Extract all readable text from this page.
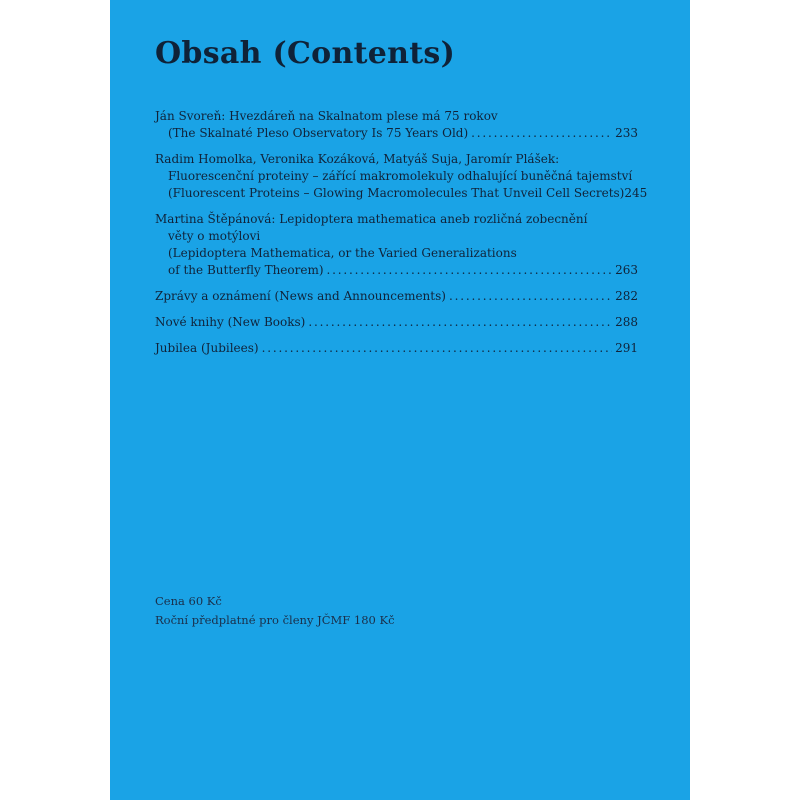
Obsah (Contents)
Ján Svoreň: Hvezdáreň na Skalnatom plese má 75 rokov
(The Skalnaté Pleso Observatory Is 75 Years Old) . . .	233
Radim Homolka, Veronika Kozáková, Matyáš Suja, Jaromír Plášek:
Fluorescenční proteiny – zářící makromolekuly odhalující buněčná tajemství
(Fluorescent Proteins – Glowing Macromolecules That Unveil Cell Secrets) 245
Martina Štěpánová: Lepidoptera mathematica aneb rozličná zobecnění
věty o motýlovi
(Lepidoptera Mathematica, or the Varied Generalizations
of the Butterfly Theorem) . . .	263
Zprávy a oznámení (News and Announcements) . . .	282
Nové knihy (New Books) . . .	288
Jubilea (Jubilees) . . .	291
Cena 60 Kč
Roční předplatné pro členy JČMF 180 Kč
